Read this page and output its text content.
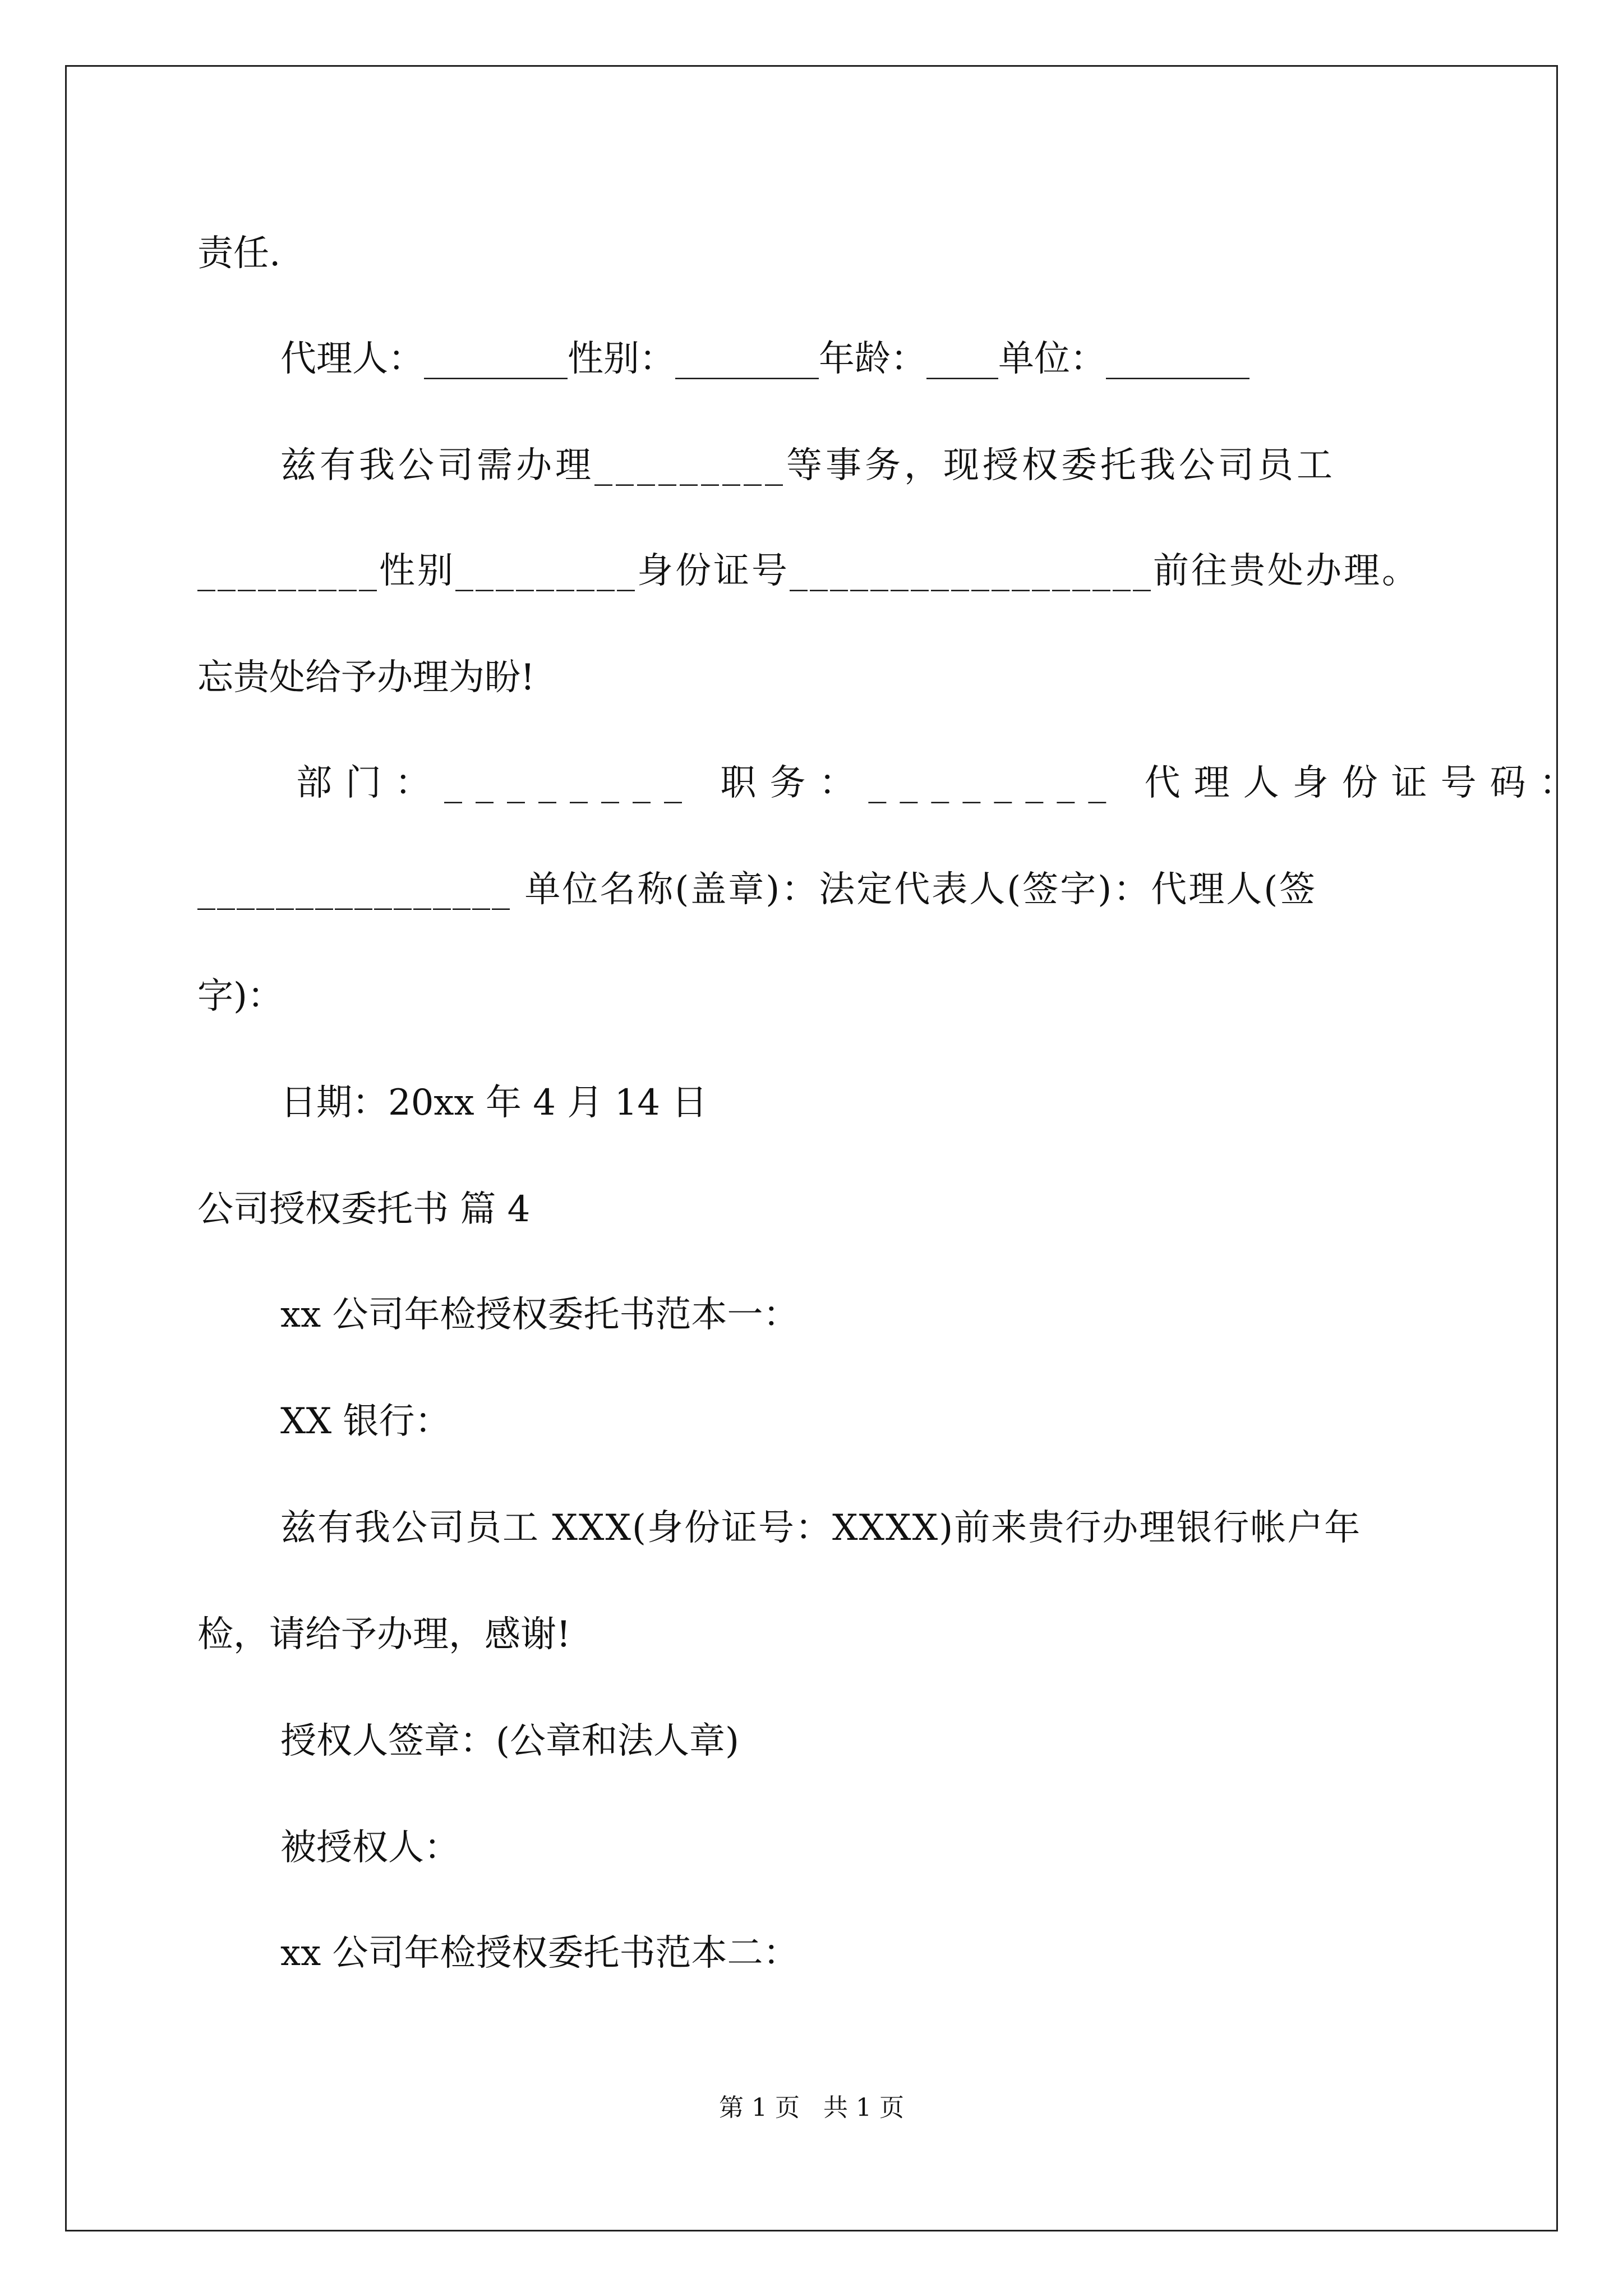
责任.
代理人：________性别：________年龄：____单位：________
兹有我公司需办理_________等事务，现授权委托我公司员工
_________性别_________身份证号__________________前往贵处办理。
忘贵处给予办理为盼!
部门：________ 职务：________ 代理人身份证号码：
________________ 单位名称(盖章)：法定代表人(签字)：代理人(签
字)：
日期：20xx 年 4 月 14 日
公司授权委托书 篇 4
xx 公司年检授权委托书范本一：
XX 银行：
兹有我公司员工 XXX(身份证号：XXXX)前来贵行办理银行帐户年
检，请给予办理，感谢!
授权人签章：(公章和法人章)
被授权人：
xx 公司年检授权委托书范本二：
第 1 页   共 1 页
